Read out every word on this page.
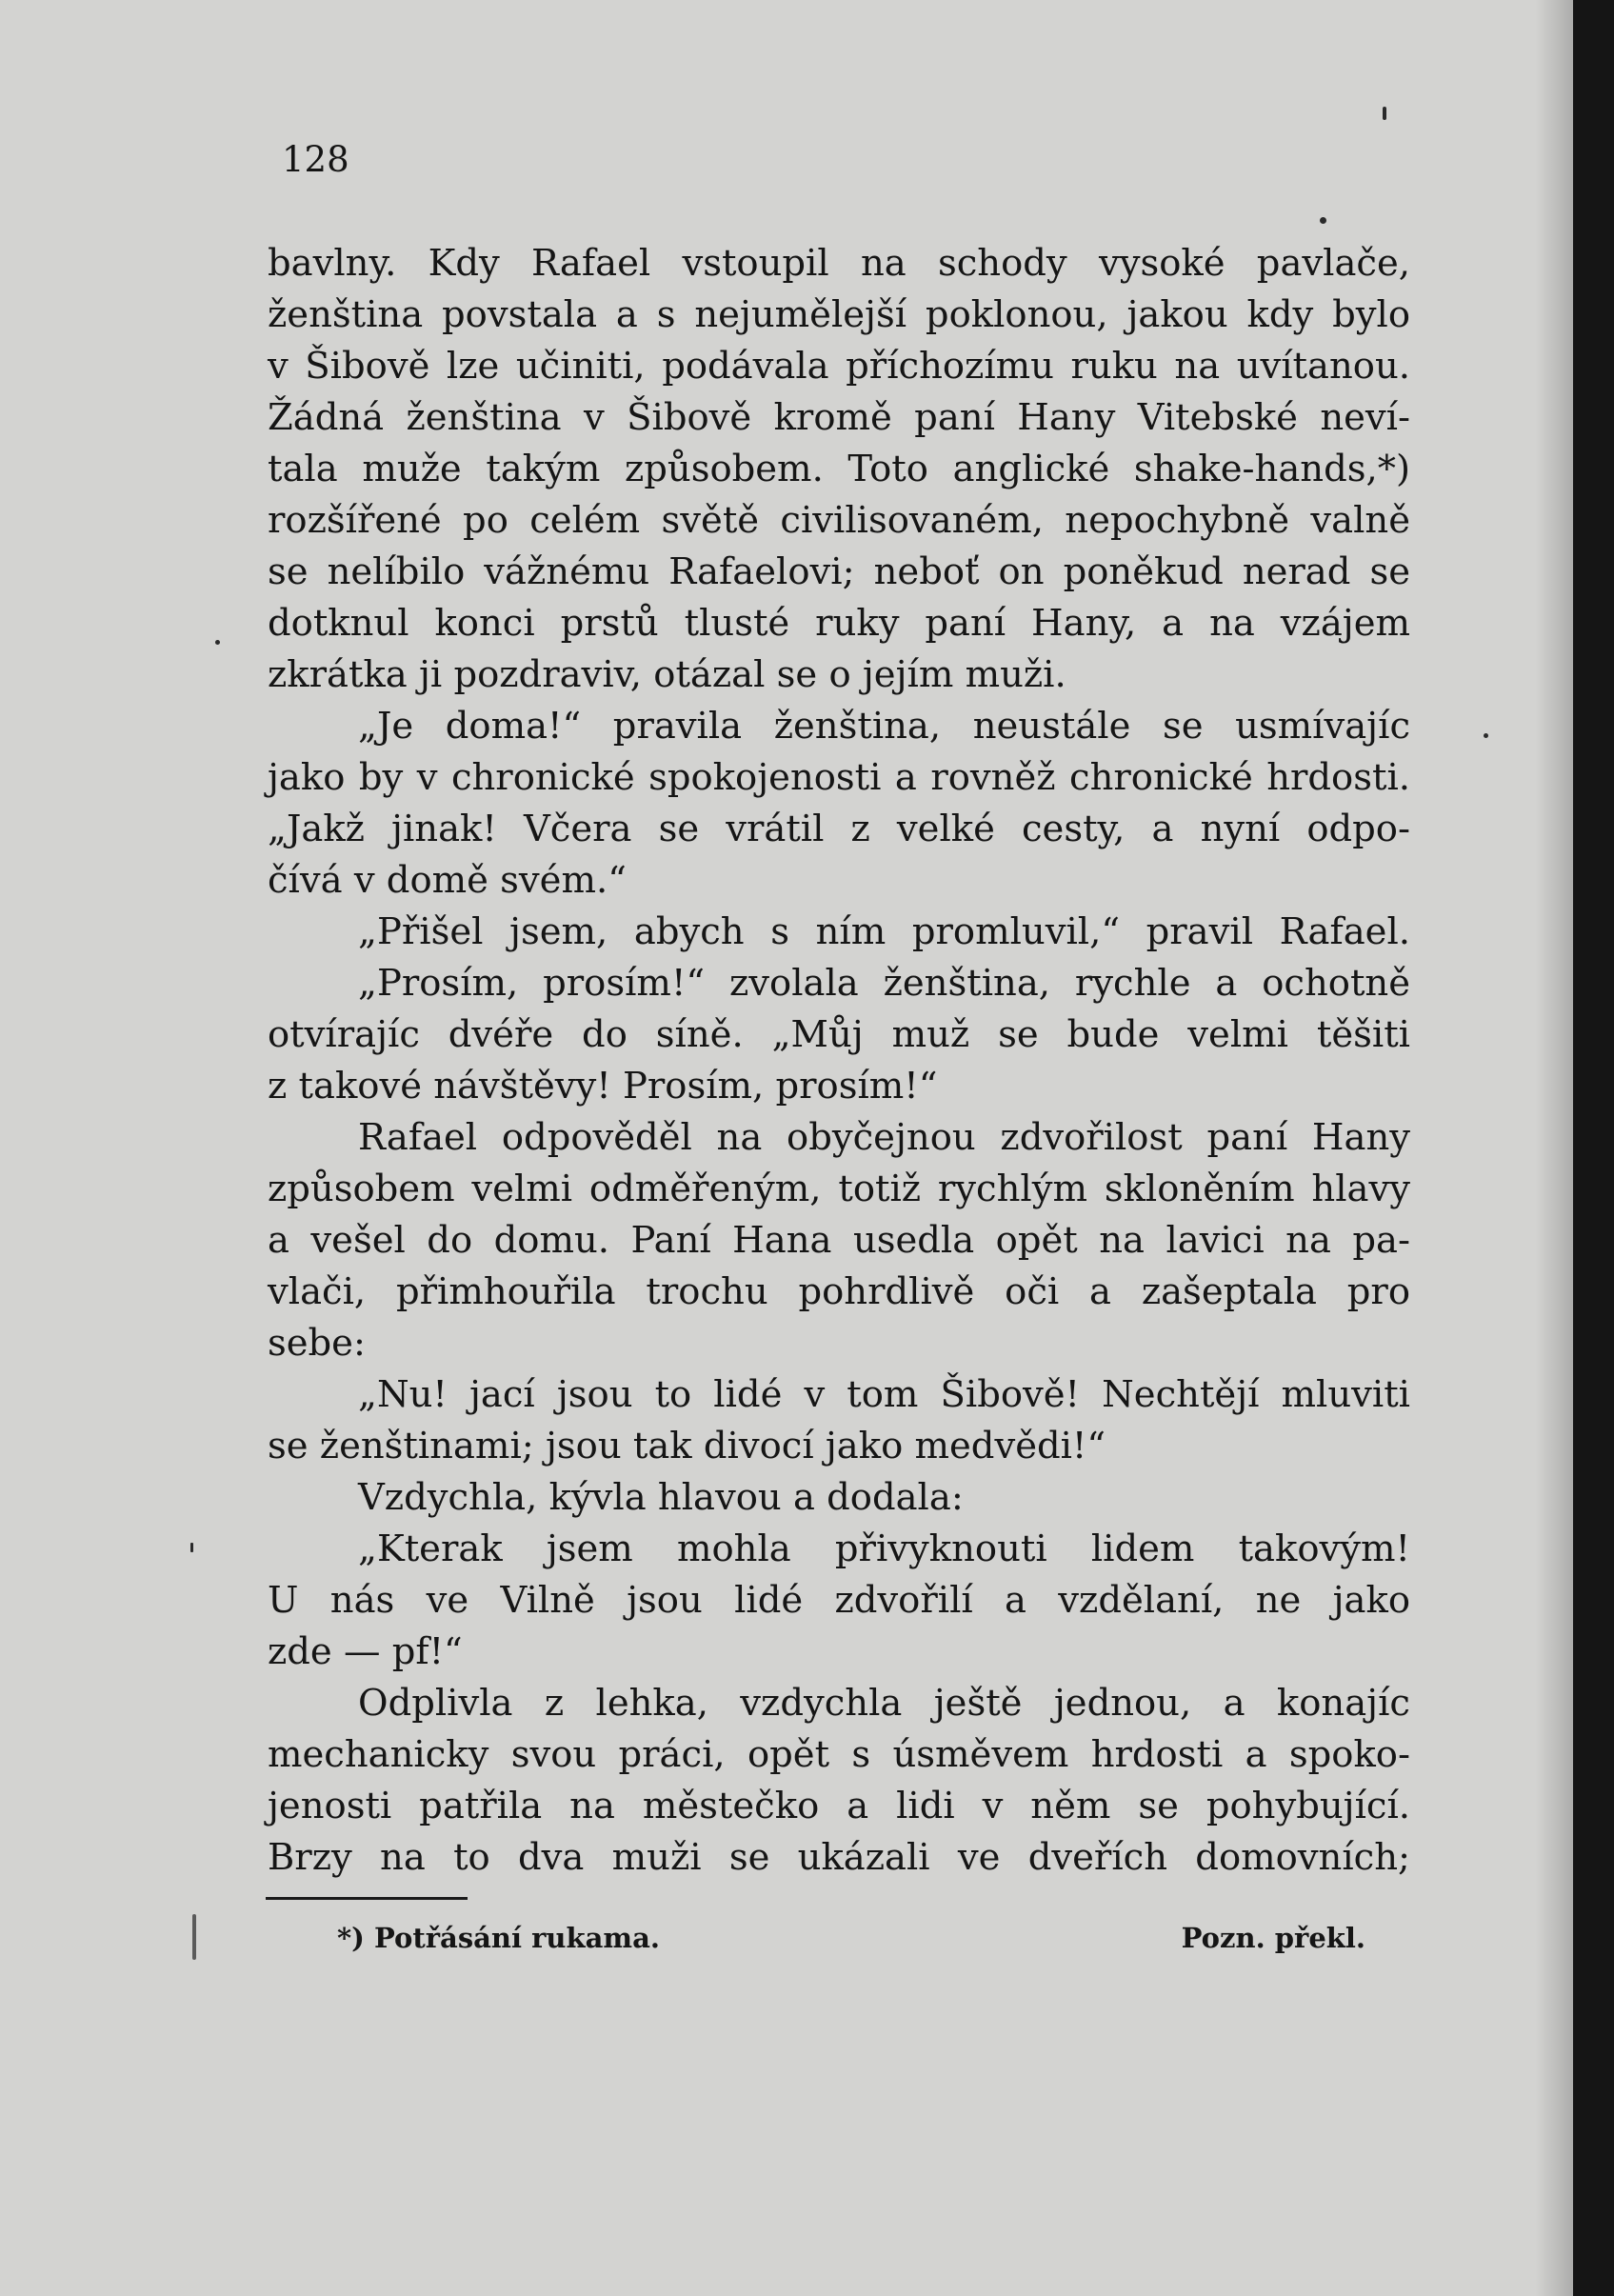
128
bavlny. Kdy Rafael vstoupil na schody vysoké pavlače,
ženština povstala a s nejumělejší poklonou, jakou kdy bylo
v Šibově lze učiniti, podávala příchozímu ruku na uvítanou.
Žádná ženština v Šibově kromě paní Hany Vitebské neví-
tala muže takým způsobem. Toto anglické shake-hands,*)
rozšířené po celém světě civilisovaném, nepochybně valně
se nelíbilo vážnému Rafaelovi; neboť on poněkud nerad se
dotknul konci prstů tlusté ruky paní Hany, a na vzájem
zkrátka ji pozdraviv, otázal se o jejím muži.
„Je doma!“ pravila ženština, neustále se usmívajíc
jako by v chronické spokojenosti a rovněž chronické hrdosti.
„Jakž jinak! Včera se vrátil z velké cesty, a nyní odpo-
čívá v domě svém.“
„Přišel jsem, abych s ním promluvil,“ pravil Rafael.
„Prosím, prosím!“ zvolala ženština, rychle a ochotně
otvírajíc dvéře do síně. „Můj muž se bude velmi těšiti
z takové návštěvy! Prosím, prosím!“
Rafael odpověděl na obyčejnou zdvořilost paní Hany
způsobem velmi odměřeným, totiž rychlým skloněním hlavy
a vešel do domu. Paní Hana usedla opět na lavici na pa-
vlači, přimhouřila trochu pohrdlivě oči a zašeptala pro
sebe:
„Nu! jací jsou to lidé v tom Šibově! Nechtějí mluviti
se ženštinami; jsou tak divocí jako medvědi!“
Vzdychla, kývla hlavou a dodala:
„Kterak jsem mohla přivyknouti lidem takovým!
U nás ve Vilně jsou lidé zdvořilí a vzdělaní, ne jako
zde — pf!“
Odplivla z lehka, vzdychla ještě jednou, a konajíc
mechanicky svou práci, opět s úsměvem hrdosti a spoko-
jenosti patřila na městečko a lidi v něm se pohybující.
Brzy na to dva muži se ukázali ve dveřích domovních;
*) Potřásání rukama.	Pozn. překl.
